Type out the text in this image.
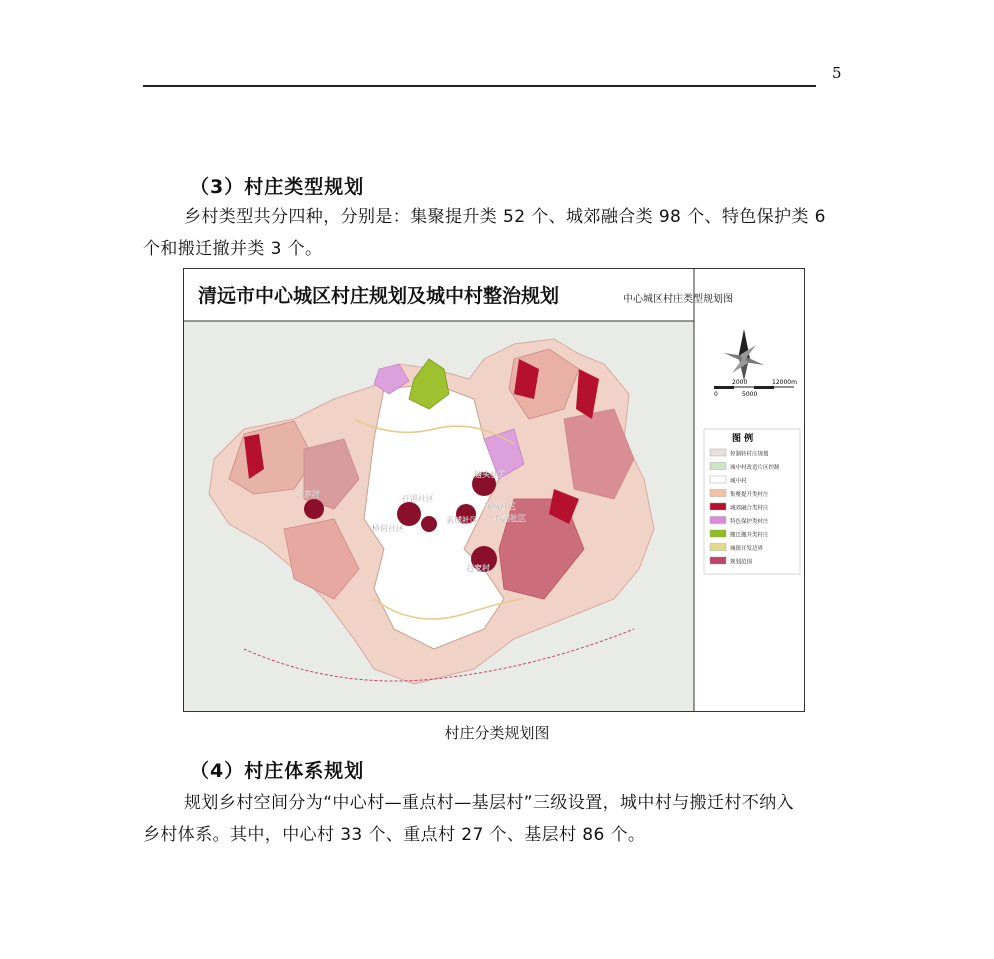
5
（3）村庄类型规划
乡村类型共分四种，分别是：集聚提升类 52 个、城郊融合类 98 个、特色保护类 6
个和搬迁撤并类 3 个。
清远市中心城区村庄规划及城中村整治规划	中心城区村庄类型规划图
2000	12000m
0	5000
图 例
控制转村庄规划
城中村改造片区控制
城中村
集聚提升类村庄
城郊融合类村庄
特色保护类村庄
搬迁撤并类村庄
城镇开发边界
规划范围
冯东村	打渔社区
塘头社区
横荷社区
新城社区
凤城社区
石湖社区
赵家村
村庄分类规划图
（4）村庄体系规划
规划乡村空间分为“中心村—重点村—基层村”三级设置，城中村与搬迁村不纳入
乡村体系。其中，中心村 33 个、重点村 27 个、基层村 86 个。
